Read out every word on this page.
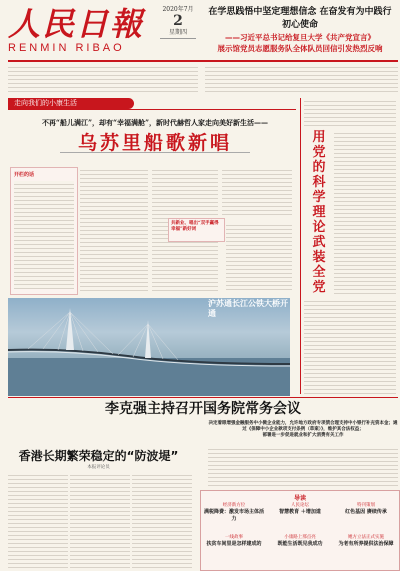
人民日報
RENMIN RIBAO

2020年7月
2
星期四
在学思践悟中坚定理想信念 在奋发有为中践行初心使命
——习近平总书记给复旦大学《共产党宣言》
展示馆党员志愿服务队全体队员回信引发热烈反响
走向我们的小康生活
不再“船儿满江”，却有“幸福满舱”，新时代赫哲人家走向美好新生活——
乌苏里船歌新唱
开栏的话
共新业、唱出“双手赢得幸福”新好词
用
党
的
科
学
理
论
武
装
全
党
沪苏通长江公铁大桥开通
李克强主持召开国务院常务会议
决定着眼增强金融服务中小微企业能力，允许地方政府专项债合理支持中小银行补充资本金；通过《保障中小企业款项支付条例（草案）》，维护其合法权益；
部署进一步促进就业和扩大消费有关工作
香港长期繁荣稳定的“防波堤”
本报评论员
导读
经济新方位
满税降费：激发市场主体活力
人民论坛
智慧教育 ＋增加道
特刊策划
红色基因 赓续传承
一线故事
扶贫车间里是怎样建成的
小康路上那点亮
既能生活既见我成功
她方立法正式实施
为老有所养提供法治保障
